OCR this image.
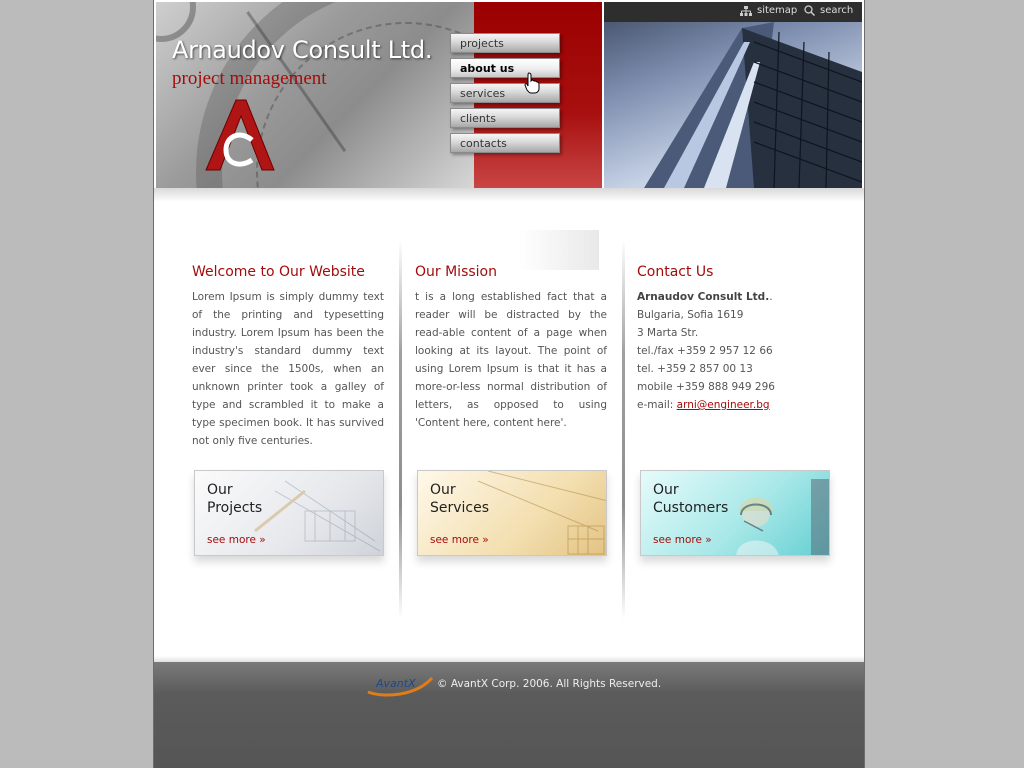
Arnaudov Consult Ltd.
project management
projects
about us
services
clients
contacts
sitemap search
Welcome to Our Website

Lorem Ipsum is simply dummy text of the printing and typesetting industry. Lorem Ipsum has been the industry's standard dummy text ever since the 1500s, when an unknown printer took a galley of type and scrambled it to make a type specimen book. It has survived not only five centuries.

Our Mission

t is a long established fact that a reader will be distracted by the read-able content of a page when looking at its layout. The point of using Lorem Ipsum is that it has a more-or-less normal distribution of letters, as opposed to using 'Content here, content here'.

Contact Us
Arnaudov Consult Ltd..
Bulgaria, Sofia 1619
3 Marta Str.
tel./fax +359 2 957 12 66
tel. +359 2 857 00 13
mobile +359 888 949 296
e-mail: arni@engineer.bg
Our
Projects
see more »
Our
Services
see more »
Our
Customers
see more »
AvantX © AvantX Corp. 2006. All Rights Reserved.
